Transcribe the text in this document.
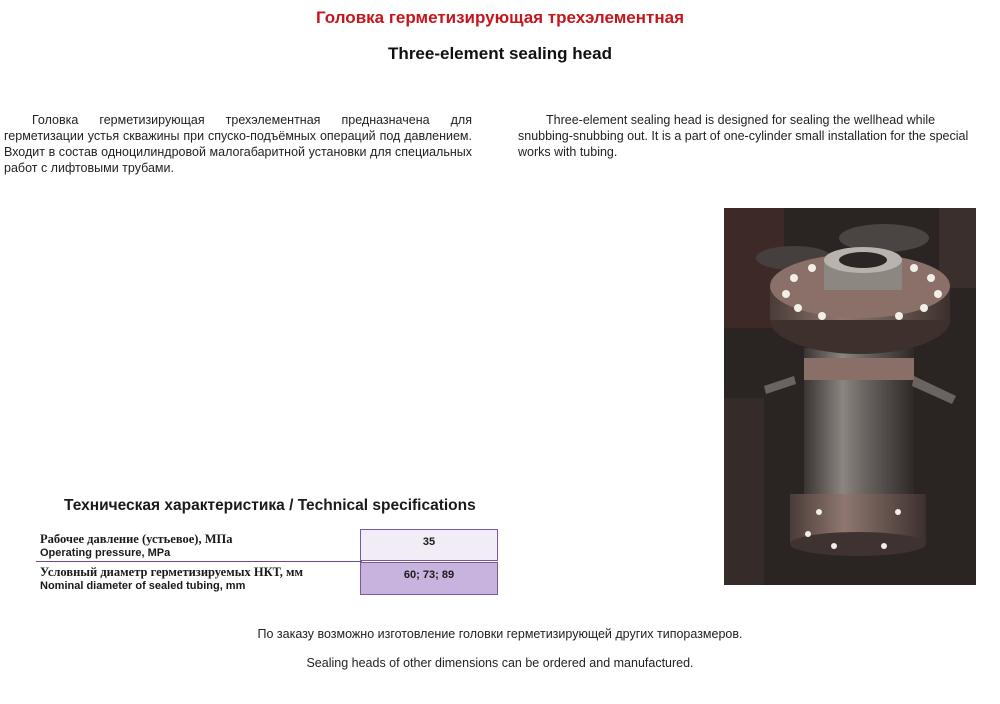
Головка герметизирующая трехэлементная
Three-element sealing head

Головка герметизирующая трехэлементная предназначена для герметизации устья скважины при спуско-подъёмных операций под давлением. Входит в состав одноцилиндровой малогабаритной установки для специальных работ с лифтовыми трубами.

Three-element sealing head is designed for sealing the wellhead while snubbing-snubbing out. It is a part of one-cylinder small installation for the special works with tubing.

Техническая характеристика / Technical specifications
Рабочее давление (устьевое), МПа
Operating pressure, MPa
35
Условный диаметр герметизируемых НКТ, мм
Nominal diameter of sealed tubing, mm
60; 73; 89
По заказу возможно изготовление головки герметизирующей других типоразмеров.
Sealing heads of other dimensions can be ordered and manufactured.
